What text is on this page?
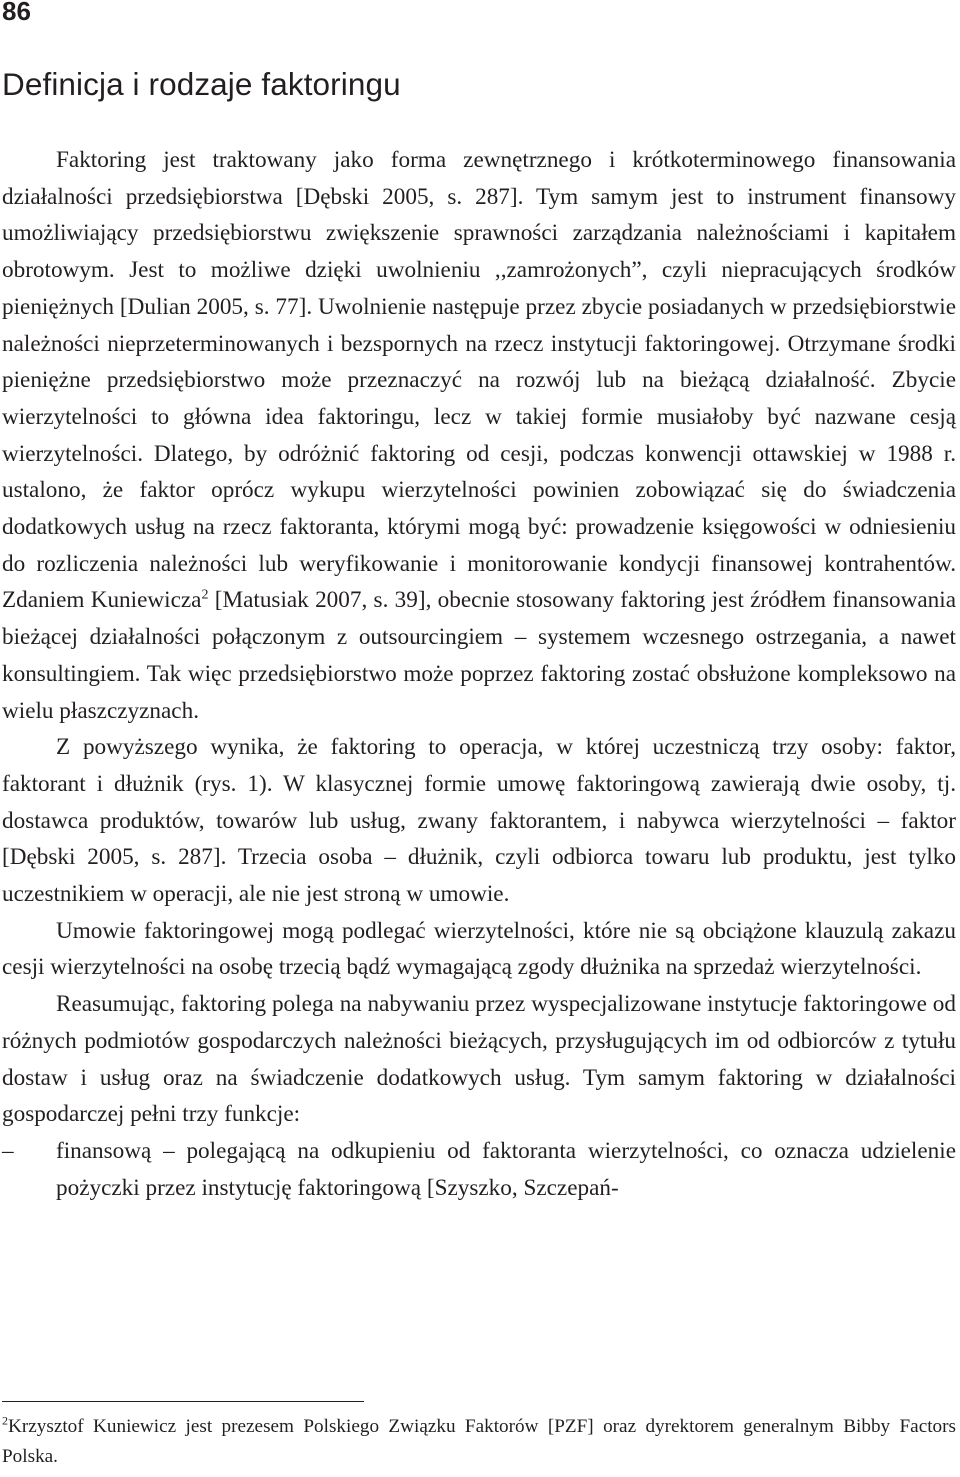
86
Definicja i rodzaje faktoringu

Faktoring jest traktowany jako forma zewnętrznego i krótkoterminowego finansowania działalności przedsiębiorstwa [Dębski 2005, s. 287]. Tym samym jest to instrument finansowy umożliwiający przedsiębiorstwu zwiększenie sprawności zarządzania należnościami i kapitałem obrotowym. Jest to możliwe dzięki uwolnieniu ,,zamrożonych”, czyli niepracujących środków pieniężnych [Dulian 2005, s. 77]. Uwolnienie następuje przez zbycie posiadanych w przedsiębiorstwie należności nieprzeterminowanych i bezspornych na rzecz instytucji faktoringowej. Otrzymane środki pieniężne przedsiębiorstwo może przeznaczyć na rozwój lub na bieżącą działalność. Zbycie wierzytelności to główna idea faktoringu, lecz w takiej formie musiałoby być nazwane cesją wierzytelności. Dlatego, by odróżnić faktoring od cesji, podczas konwencji ottawskiej w 1988 r. ustalono, że faktor oprócz wykupu wierzytelności powinien zobowiązać się do świadczenia dodatkowych usług na rzecz faktoranta, którymi mogą być: prowadzenie księgowości w odniesieniu do rozliczenia należności lub weryfikowanie i monitorowanie kondycji finansowej kontrahentów. Zdaniem Kuniewicza$^2$ [Matusiak 2007, s. 39], obecnie stosowany faktoring jest źródłem finansowania bieżącej działalności połączonym z outsourcingiem – systemem wczesnego ostrzegania, a nawet konsultingiem. Tak więc przedsiębiorstwo może poprzez faktoring zostać obsłużone kompleksowo na wielu płaszczyznach.

Z powyższego wynika, że faktoring to operacja, w której uczestniczą trzy osoby: faktor, faktorant i dłużnik (rys. 1). W klasycznej formie umowę faktoringową zawierają dwie osoby, tj. dostawca produktów, towarów lub usług, zwany faktorantem, i nabywca wierzytelności – faktor [Dębski 2005, s. 287]. Trzecia osoba – dłużnik, czyli odbiorca towaru lub produktu, jest tylko uczestnikiem w operacji, ale nie jest stroną w umowie.

Umowie faktoringowej mogą podlegać wierzytelności, które nie są obciążone klauzulą zakazu cesji wierzytelności na osobę trzecią bądź wymagającą zgody dłużnika na sprzedaż wierzytelności.

Reasumując, faktoring polega na nabywaniu przez wyspecjalizowane instytucje faktoringowe od różnych podmiotów gospodarczych należności bieżących, przysługujących im od odbiorców z tytułu dostaw i usług oraz na świadczenie dodatkowych usług. Tym samym faktoring w działalności gospodarczej pełni trzy funkcje:

– finansową – polegającą na odkupieniu od faktoranta wierzytelności, co oznacza udzielenie pożyczki przez instytucję faktoringową [Szyszko, Szczepań-

$^2$Krzysztof Kuniewicz jest prezesem Polskiego Związku Faktorów [PZF] oraz dyrektorem generalnym Bibby Factors Polska.
